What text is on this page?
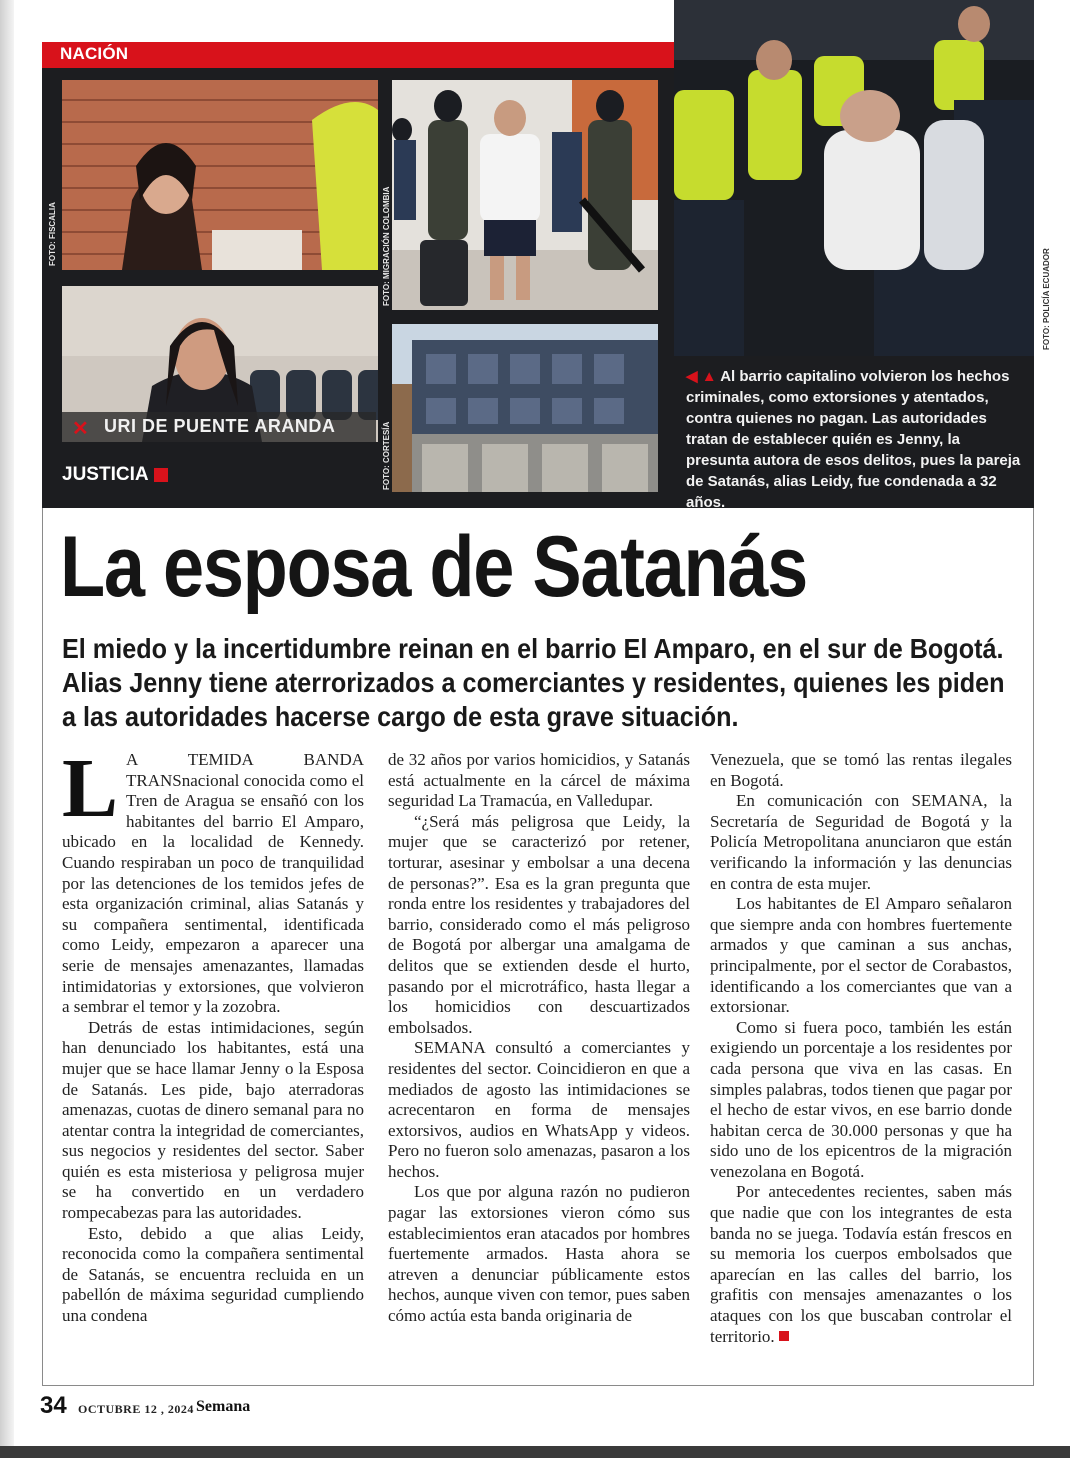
NACIÓN
FOTO: FISCALIA
✕ URI DE PUENTE ARANDA
JUSTICIA
FOTO: MIGRACIÓN COLOMBIA
FOTO: CORTESÍA
FOTO: POLICÍA ECUADOR
◀ ▲ Al barrio capitalino volvieron los hechos criminales, como extorsiones y atentados, contra quienes no pagan. Las autoridades tratan de establecer quién es Jenny, la presunta autora de esos delitos, pues la pareja de Satanás, alias Leidy, fue condenada a 32 años.
La esposa de Satanás
El miedo y la incertidumbre reinan en el barrio El Amparo, en el sur de Bogotá. Alias Jenny tiene aterrorizados a comerciantes y residentes, quienes les piden a las autoridades hacerse cargo de esta grave situación.

L A TEMIDA BANDA TRANSnacional conocida como el Tren de Aragua se ensañó con los habitantes del barrio El Amparo, ubicado en la localidad de Kennedy. Cuando respiraban un poco de tranquilidad por las detenciones de los temidos jefes de esta organización criminal, alias Satanás y su compañera sentimental, identificada como Leidy, empezaron a aparecer una serie de mensajes amenazantes, llamadas intimidatorias y extorsiones, que volvieron a sembrar el temor y la zozobra.

Detrás de estas intimidaciones, según han denunciado los habitantes, está una mujer que se hace llamar Jenny o la Esposa de Satanás. Les pide, bajo aterradoras amenazas, cuotas de dinero semanal para no atentar contra la integridad de comerciantes, sus negocios y residentes del sector. Saber quién es esta misteriosa y peligrosa mujer se ha convertido en un verdadero rompecabezas para las autoridades.

Esto, debido a que alias Leidy, reconocida como la compañera sentimental de Satanás, se encuentra recluida en un pabellón de máxima seguridad cumpliendo una condena

de 32 años por varios homicidios, y Satanás está actualmente en la cárcel de máxima seguridad La Tramacúa, en Valledupar.

“¿Será más peligrosa que Leidy, la mujer que se caracterizó por retener, torturar, asesinar y embolsar a una decena de personas?”. Esa es la gran pregunta que ronda entre los residentes y trabajadores del barrio, considerado como el más peligroso de Bogotá por albergar una amalgama de delitos que se extienden desde el hurto, pasando por el microtráfico, hasta llegar a los homicidios con descuartizados embolsados.

SEMANA consultó a comerciantes y residentes del sector. Coincidieron en que a mediados de agosto las intimidaciones se acrecentaron en forma de mensajes extorsivos, audios en WhatsApp y videos. Pero no fueron solo amenazas, pasaron a los hechos.

Los que por alguna razón no pudieron pagar las extorsiones vieron cómo sus establecimientos eran atacados por hombres fuertemente armados. Hasta ahora se atreven a denunciar públicamente estos hechos, aunque viven con temor, pues saben cómo actúa esta banda originaria de

Venezuela, que se tomó las rentas ilegales en Bogotá.

En comunicación con SEMANA, la Secretaría de Seguridad de Bogotá y la Policía Metropolitana anunciaron que están verificando la información y las denuncias en contra de esta mujer.

Los habitantes de El Amparo señalaron que siempre anda con hombres fuertemente armados y que caminan a sus anchas, principalmente, por el sector de Corabastos, identificando a los comerciantes que van a extorsionar.

Como si fuera poco, también les están exigiendo un porcentaje a los residentes por cada persona que viva en las casas. En simples palabras, todos tienen que pagar por el hecho de estar vivos, en ese barrio donde habitan cerca de 30.000 personas y que ha sido uno de los epicentros de la migración venezolana en Bogotá.

Por antecedentes recientes, saben más que nadie que con los integrantes de esta banda no se juega. Todavía están frescos en su memoria los cuerpos embolsados que aparecían en las calles del barrio, los grafitis con mensajes amenazantes o los ataques con los que buscaban controlar el territorio.

34 OCTUBRE 12 , 2024 Semana
